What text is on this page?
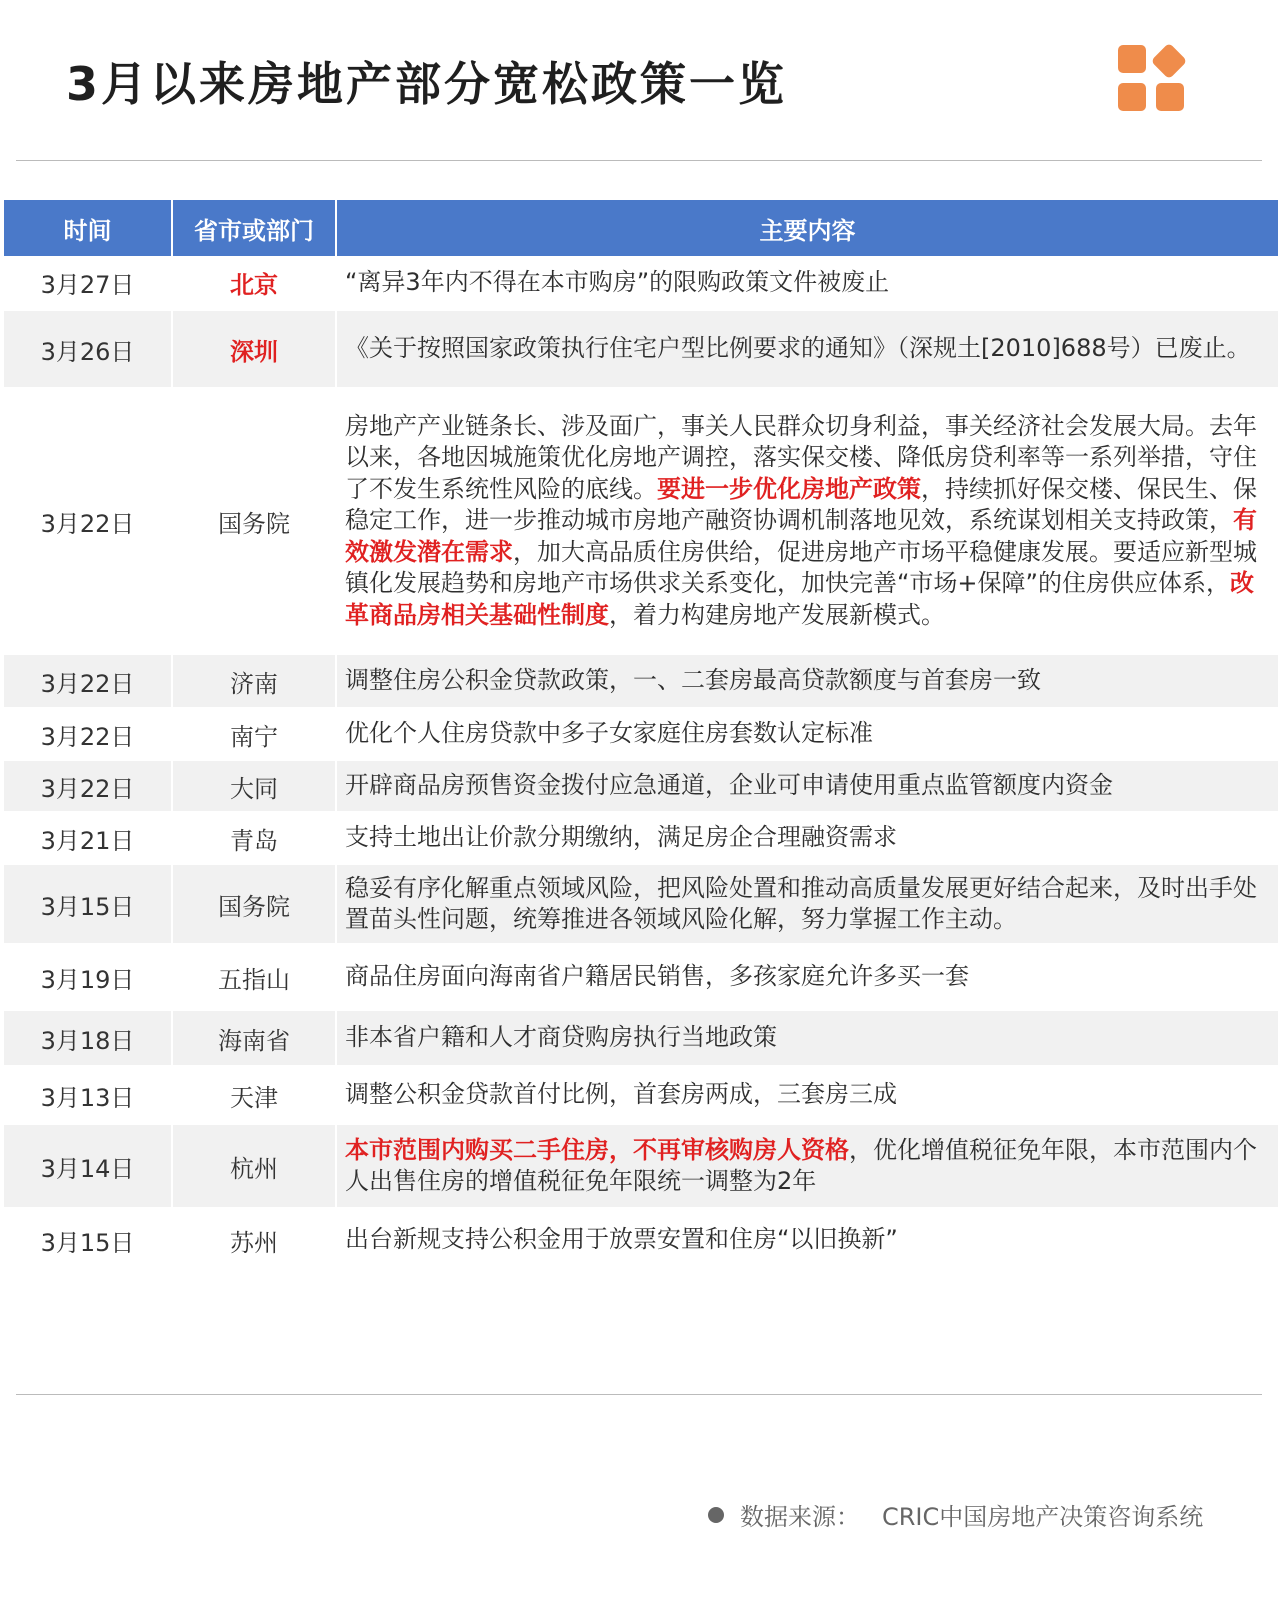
3月以来房地产部分宽松政策一览
时间	省市或部门	主要内容
3月27日	北京	“离异3年内不得在本市购房”的限购政策文件被废止
3月26日	深圳	《关于按照国家政策执行住宅户型比例要求的通知》（深规土[2010]688号）已废止。
3月22日	国务院	房地产产业链条长、涉及面广，事关人民群众切身利益，事关经济社会发展大局。去年以来，各地因城施策优化房地产调控，落实保交楼、降低房贷利率等一系列举措，守住了不发生系统性风险的底线。要进一步优化房地产政策，持续抓好保交楼、保民生、保稳定工作，进一步推动城市房地产融资协调机制落地见效，系统谋划相关支持政策，有效激发潜在需求，加大高品质住房供给，促进房地产市场平稳健康发展。要适应新型城镇化发展趋势和房地产市场供求关系变化，加快完善“市场+保障”的住房供应体系，改革商品房相关基础性制度，着力构建房地产发展新模式。
3月22日	济南	调整住房公积金贷款政策，一、二套房最高贷款额度与首套房一致
3月22日	南宁	优化个人住房贷款中多子女家庭住房套数认定标准
3月22日	大同	开辟商品房预售资金拨付应急通道，企业可申请使用重点监管额度内资金
3月21日	青岛	支持土地出让价款分期缴纳，满足房企合理融资需求
3月15日	国务院	稳妥有序化解重点领域风险，把风险处置和推动高质量发展更好结合起来，及时出手处置苗头性问题，统筹推进各领域风险化解，努力掌握工作主动。
3月19日	五指山	商品住房面向海南省户籍居民销售，多孩家庭允许多买一套
3月18日	海南省	非本省户籍和人才商贷购房执行当地政策
3月13日	天津	调整公积金贷款首付比例，首套房两成，三套房三成
3月14日	杭州	本市范围内购买二手住房，不再审核购房人资格，优化增值税征免年限，本市范围内个人出售住房的增值税征免年限统一调整为2年
3月15日	苏州	出台新规支持公积金用于放票安置和住房“以旧换新”
数据来源： CRIC中国房地产决策咨询系统
